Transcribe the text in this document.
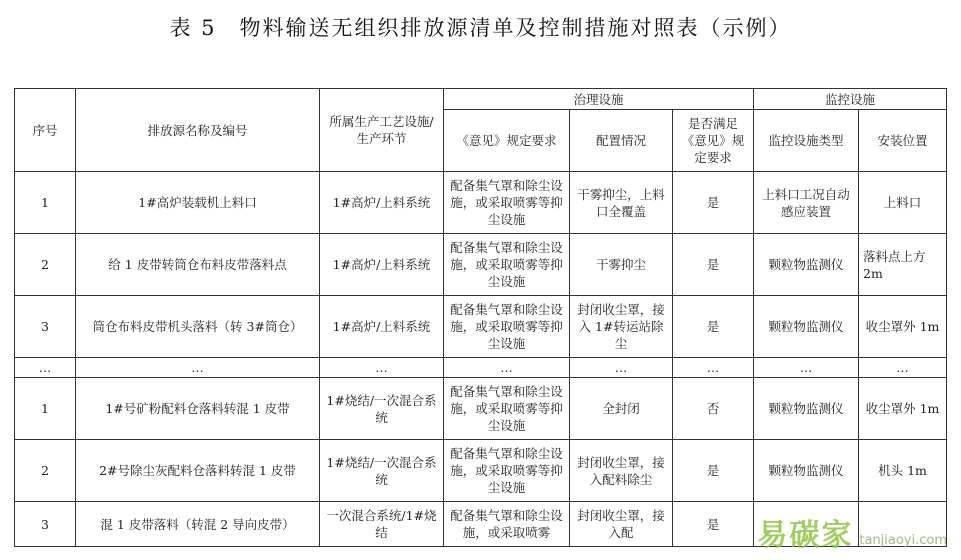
表 5　物料输送无组织排放源清单及控制措施对照表（示例）
序号	排放源名称及编号	所属生产工艺设施/生产环节	治理设施			监控设施	
			《意见》规定要求	配置情况	是否满足《意见》规定要求	监控设施类型	安装位置
1	1#高炉装载机上料口	1#高炉/上料系统	配备集气罩和除尘设施，或采取喷雾等抑尘设施	干雾抑尘，上料口全覆盖	是	上料口工况自动感应装置	上料口
2	给 1 皮带转筒仓布料皮带落料点	1#高炉/上料系统	配备集气罩和除尘设施，或采取喷雾等抑尘设施	干雾抑尘	是	颗粒物监测仪	落料点上方 2m
3	筒仓布料皮带机头落料（转 3#筒仓）	1#高炉/上料系统	配备集气罩和除尘设施，或采取喷雾等抑尘设施	封闭收尘罩，接入 1#转运站除尘	是	颗粒物监测仪	收尘罩外 1m
…	…	…	…	…	…	…	…
1	1#号矿粉配料仓落料转混 1 皮带	1#烧结/一次混合系统	配备集气罩和除尘设施，或采取喷雾等抑尘设施	全封闭	否	颗粒物监测仪	收尘罩外 1m
2	2#号除尘灰配料仓落料转混 1 皮带	1#烧结/一次混合系统	配备集气罩和除尘设施，或采取喷雾等抑尘设施	封闭收尘罩，接入配料除尘	是	颗粒物监测仪	机头 1m
3	混 1 皮带落料（转混 2 导向皮带）	一次混合系统/1#烧结	配备集气罩和除尘设施，或采取喷雾	封闭收尘罩，接入配	是		易碳家 tanjiaoyi.com
